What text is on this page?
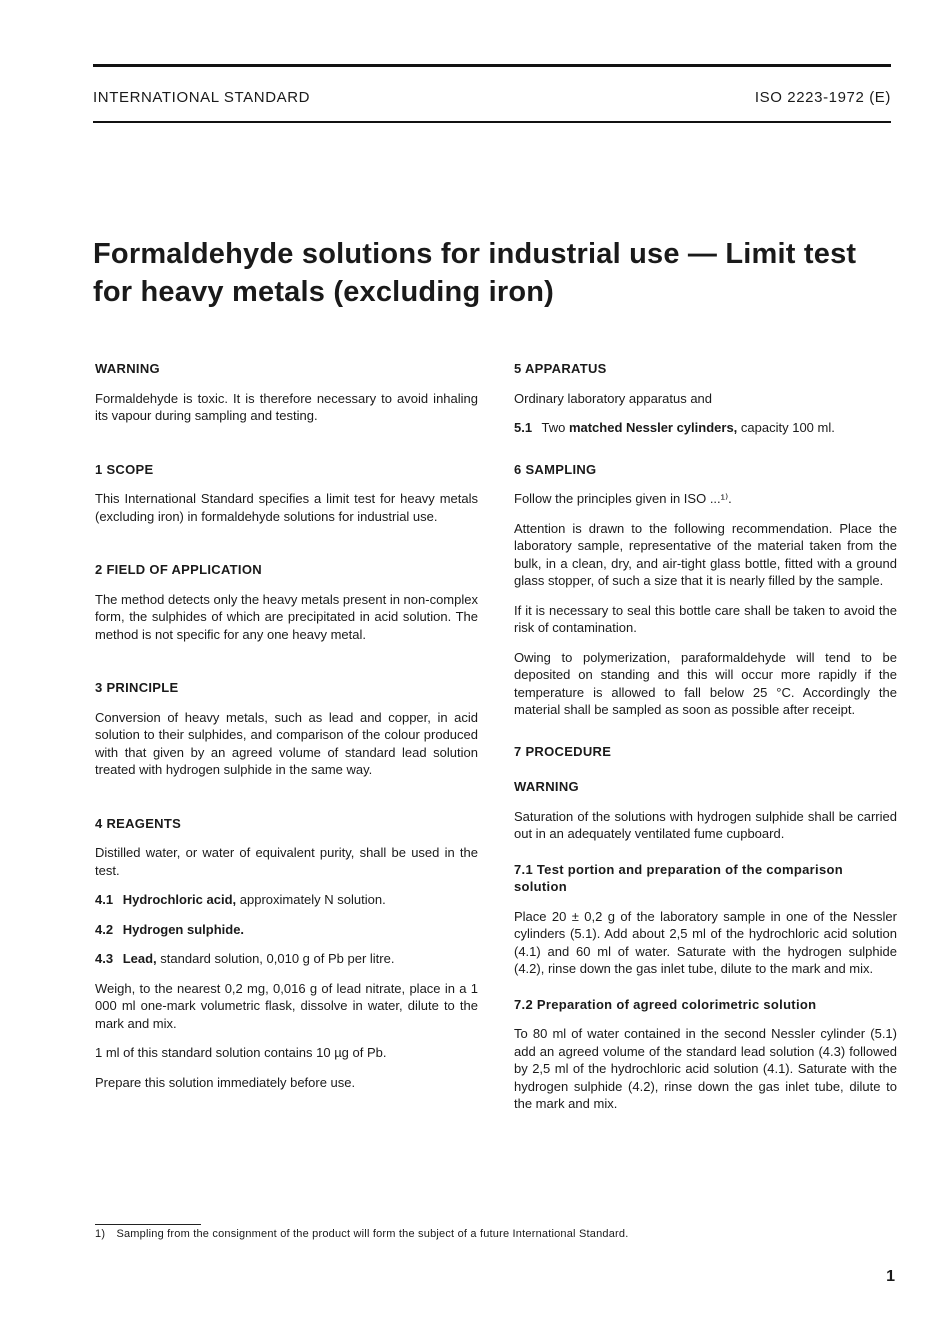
INTERNATIONAL STANDARD	ISO 2223-1972 (E)
Formaldehyde solutions for industrial use — Limit test for heavy metals (excluding iron)
WARNING

Formaldehyde is toxic. It is therefore necessary to avoid inhaling its vapour during sampling and testing.

1 SCOPE

This International Standard specifies a limit test for heavy metals (excluding iron) in formaldehyde solutions for industrial use.

2 FIELD OF APPLICATION

The method detects only the heavy metals present in non-complex form, the sulphides of which are precipitated in acid solution. The method is not specific for any one heavy metal.

3 PRINCIPLE

Conversion of heavy metals, such as lead and copper, in acid solution to their sulphides, and comparison of the colour produced with that given by an agreed volume of standard lead solution treated with hydrogen sulphide in the same way.

4 REAGENTS

Distilled water, or water of equivalent purity, shall be used in the test.

4.1 Hydrochloric acid, approximately N solution.

4.2 Hydrogen sulphide.

4.3 Lead, standard solution, 0,010 g of Pb per litre.

Weigh, to the nearest 0,2 mg, 0,016 g of lead nitrate, place in a 1 000 ml one-mark volumetric flask, dissolve in water, dilute to the mark and mix.

1 ml of this standard solution contains 10 µg of Pb.

Prepare this solution immediately before use.

5 APPARATUS

Ordinary laboratory apparatus and

5.1 Two matched Nessler cylinders, capacity 100 ml.

6 SAMPLING

Follow the principles given in ISO ...¹⁾.

Attention is drawn to the following recommendation. Place the laboratory sample, representative of the material taken from the bulk, in a clean, dry, and air-tight glass bottle, fitted with a ground glass stopper, of such a size that it is nearly filled by the sample.

If it is necessary to seal this bottle care shall be taken to avoid the risk of contamination.

Owing to polymerization, paraformaldehyde will tend to be deposited on standing and this will occur more rapidly if the temperature is allowed to fall below 25 °C. Accordingly the material shall be sampled as soon as possible after receipt.

7 PROCEDURE
WARNING

Saturation of the solutions with hydrogen sulphide shall be carried out in an adequately ventilated fume cupboard.

7.1 Test portion and preparation of the comparison solution

Place 20 ± 0,2 g of the laboratory sample in one of the Nessler cylinders (5.1). Add about 2,5 ml of the hydrochloric acid solution (4.1) and 60 ml of water. Saturate with the hydrogen sulphide (4.2), rinse down the gas inlet tube, dilute to the mark and mix.

7.2 Preparation of agreed colorimetric solution

To 80 ml of water contained in the second Nessler cylinder (5.1) add an agreed volume of the standard lead solution (4.3) followed by 2,5 ml of the hydrochloric acid solution (4.1). Saturate with the hydrogen sulphide (4.2), rinse down the gas inlet tube, dilute to the mark and mix.

1) Sampling from the consignment of the product will form the subject of a future International Standard.
1
